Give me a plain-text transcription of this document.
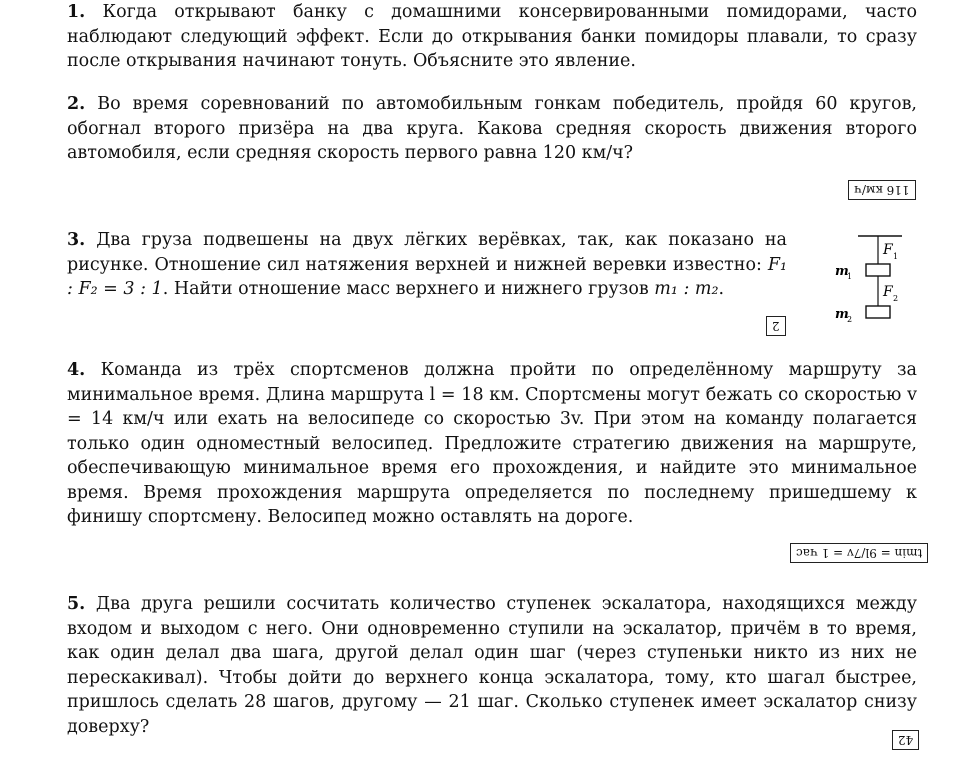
1. Когда открывают банку с домашними консервированными помидорами, часто наблюдают следующий эффект. Если до открывания банки помидоры плавали, то сразу после открывания начинают тонуть. Объясните это явление.
2. Во время соревнований по автомобильным гонкам победитель, пройдя 60 кругов, обогнал второго призёра на два круга. Какова средняя скорость движения второго автомобиля, если средняя скорость первого равна 120 км/ч?
116 км/ч
3. Два груза подвешены на двух лёгких верёвках, так, как показано на рисунке. Отношение сил натяжения верхней и нижней веревки известно: F₁ : F₂ = 3 : 1. Найти отношение масс верхнего и нижнего грузов m₁ : m₂.
2
F 1
F 2
m
1
m
2
4. Команда из трёх спортсменов должна пройти по определённому маршруту за минимальное время. Длина маршрута l = 18 км. Спортсмены могут бежать со скоростью v = 14 км/ч или ехать на велосипеде со скоростью 3v. При этом на команду полагается только один одноместный велосипед. Предложите стратегию движения на маршруте, обеспечивающую минимальное время его прохождения, и найдите это минимальное время. Время прохождения маршрута определяется по последнему пришедшему к финишу спортсмену. Велосипед можно оставлять на дороге.
tmin = 9l/7v = 1 час
5. Два друга решили сосчитать количество ступенек эскалатора, находящихся между входом и выходом с него. Они одновременно ступили на эскалатор, причём в то время, как один делал два шага, другой делал один шаг (через ступеньки никто из них не перескакивал). Чтобы дойти до верхнего конца эскалатора, тому, кто шагал быстрее, пришлось сделать 28 шагов, другому — 21 шаг. Сколько ступенек имеет эскалатор снизу доверху?
42
